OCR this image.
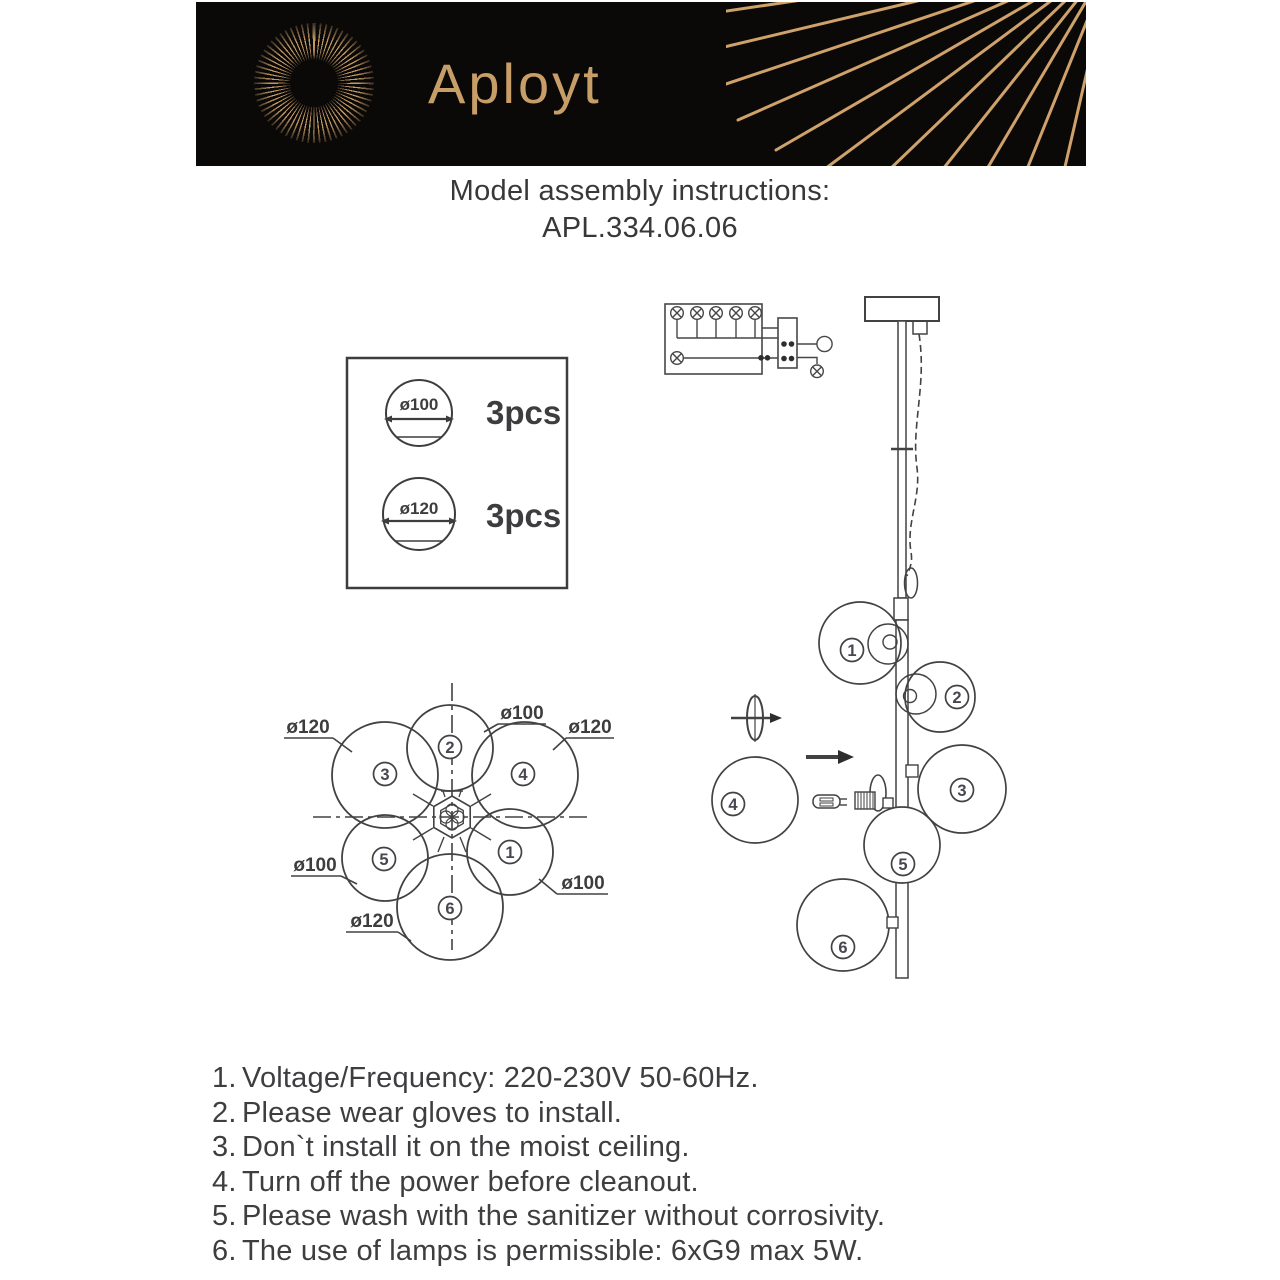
Aployt
Model assembly instructions:
APL.334.06.06
ø100 3pcs
ø120 3pcs
1
2
3	4
5
6
ø120
ø100
ø120
ø100
ø100
ø120
1
2
3
4
5
6
1. Voltage/Frequency: 220-230V 50-60Hz.
2. Please wear gloves to install.
3. Don`t install it on the moist ceiling.
4. Turn off the power before cleanout.
5. Please wash with the sanitizer without corrosivity.
6. The use of lamps is permissible: 6xG9 max 5W.
